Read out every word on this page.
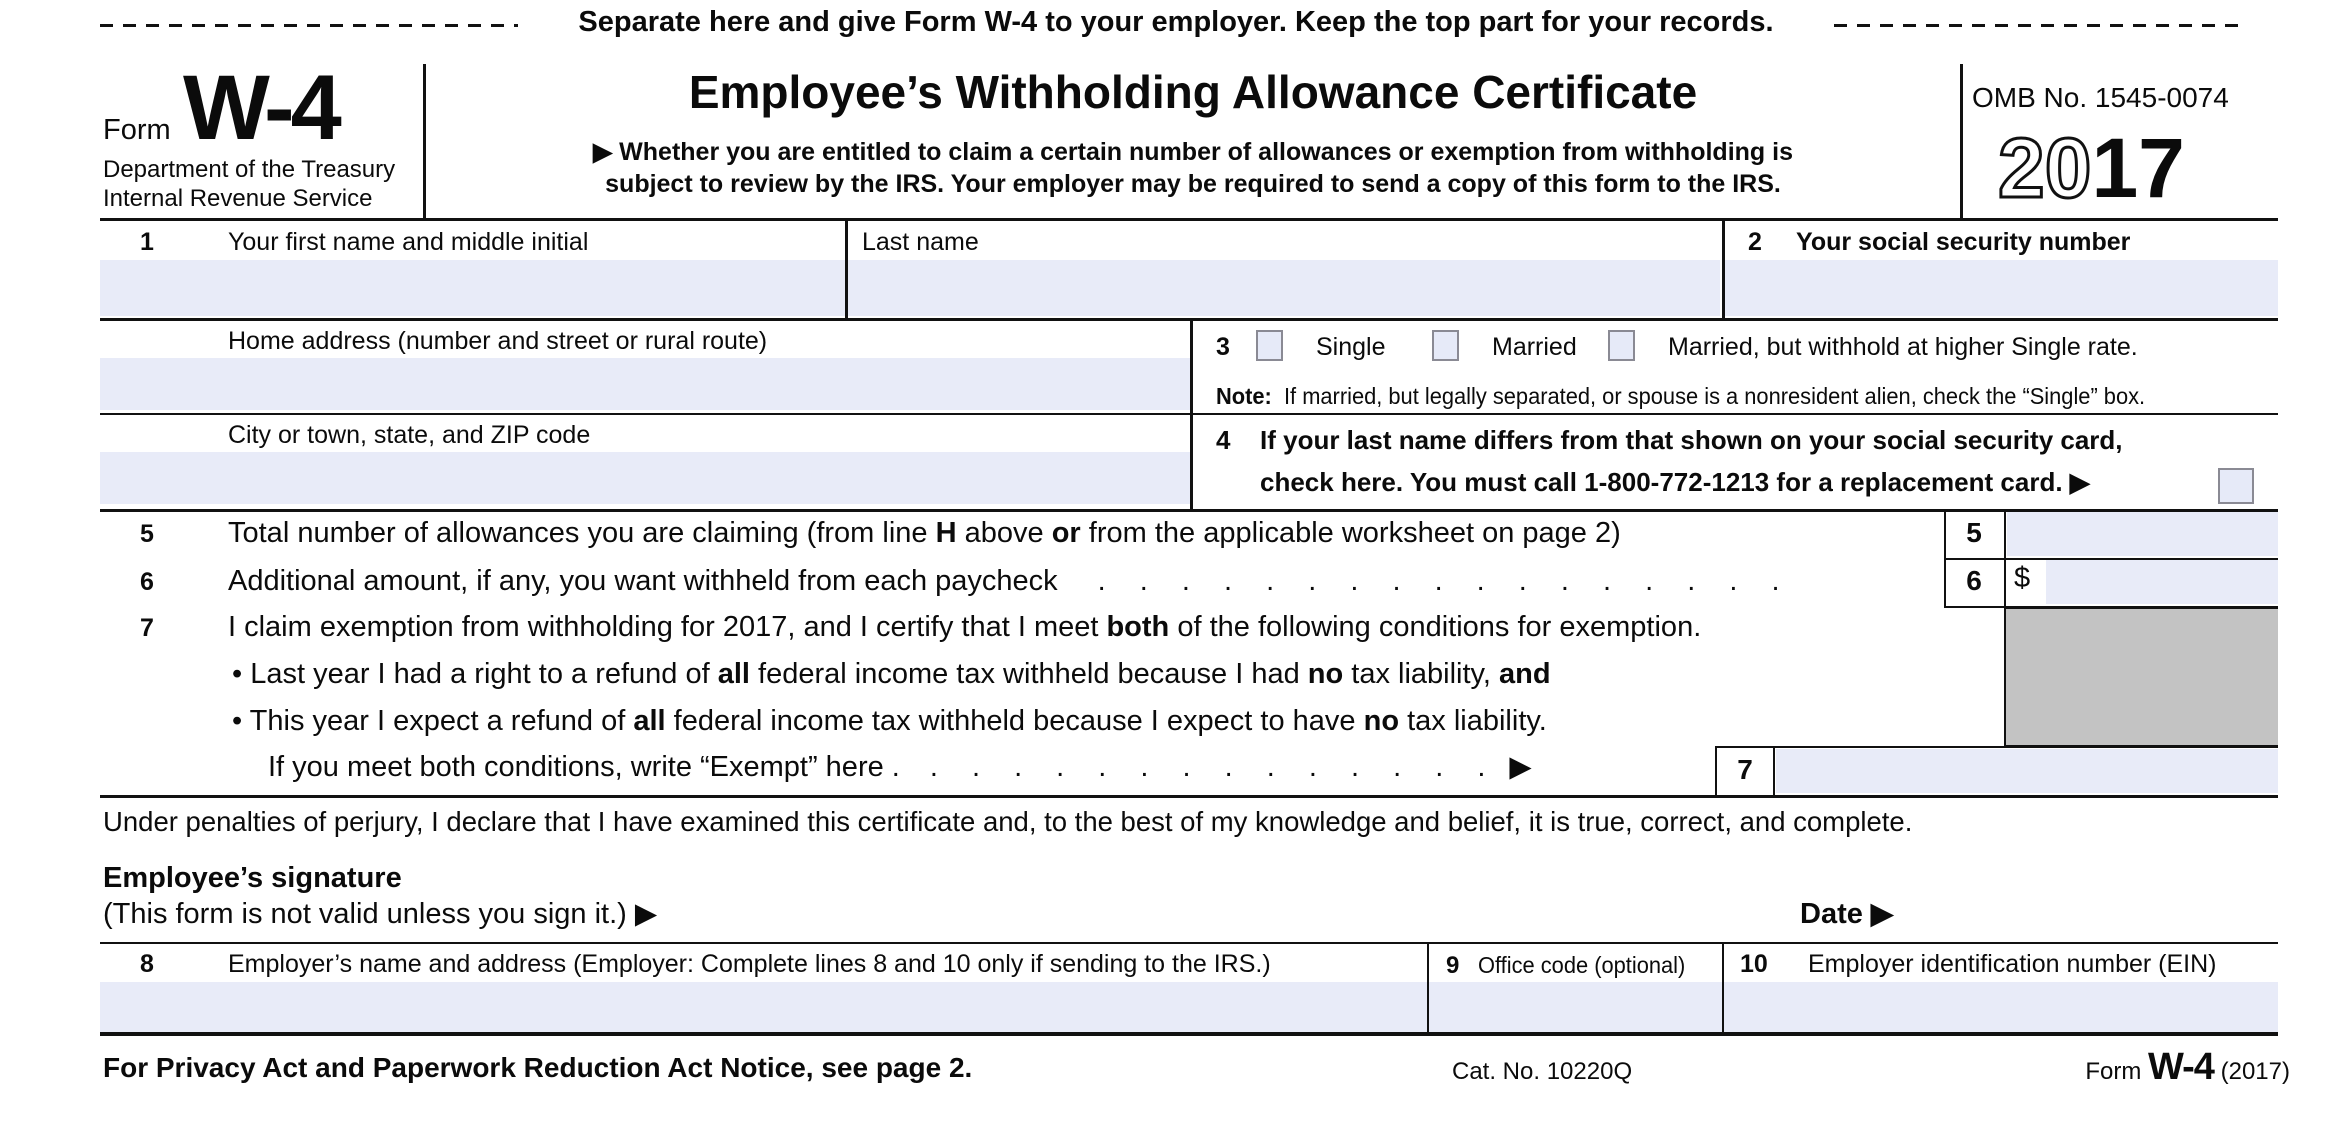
Separate here and give Form W-4 to your employer. Keep the top part for your records.
Form W-4
Department of the Treasury
Internal Revenue Service
Employee’s Withholding Allowance Certificate
▶ Whether you are entitled to claim a certain number of allowances or exemption from withholding is
subject to review by the IRS. Your employer may be required to send a copy of this form to the IRS.
OMB No. 1545-0074
2017
1	Your first name and middle initial	Last name	2 Your social security number
Home address (number and street or rural route)	3	Single	Married	Married, but withhold at higher Single rate.
Note:  If married, but legally separated, or spouse is a nonresident alien, check the “Single” box.
City or town, state, and ZIP code	4 If your last name differs from that shown on your social security card,
check here. You must call 1-800-772-1213 for a replacement card. ▶
5	Total number of allowances you are claiming (from line H above or from the applicable worksheet on page 2)	5
6	Additional amount, if any, you want withheld from each paycheck . . . . . . . . . . . . . . . . .	6	$
7	I claim exemption from withholding for 2017, and I certify that I meet both of the following conditions for exemption.
• Last year I had a right to a refund of all federal income tax withheld because I had no tax liability, and
• This year I expect a refund of all federal income tax withheld because I expect to have no tax liability.
If you meet both conditions, write “Exempt” here . . . . . . . . . . . . . . . ▶	7
Under penalties of perjury, I declare that I have examined this certificate and, to the best of my knowledge and belief, it is true, correct, and complete.
Employee’s signature
(This form is not valid unless you sign it.) ▶	Date ▶
8	Employer’s name and address (Employer: Complete lines 8 and 10 only if sending to the IRS.)	9 Office code (optional) 10 Employer identification number (EIN)
For Privacy Act and Paperwork Reduction Act Notice, see page 2.	Cat. No. 10220Q	Form W-4 (2017)
